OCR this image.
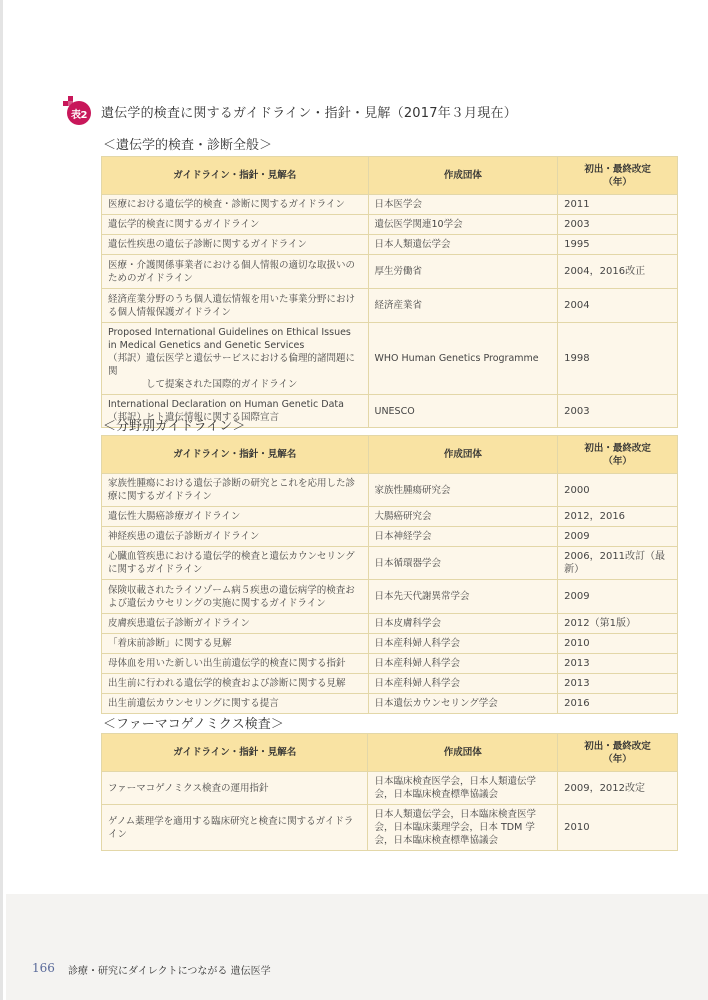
表2	遺伝学的検査に関するガイドライン・指針・見解（2017年３月現在）
＜遺伝学的検査・診断全般＞
ガイドライン・指針・見解名	作成団体	初出・最終改定
（年）
医療における遺伝学的検査・診断に関するガイドライン	日本医学会	2011
遺伝学的検査に関するガイドライン	遺伝医学関連10学会	2003
遺伝性疾患の遺伝子診断に関するガイドライン	日本人類遺伝学会	1995
医療・介護関係事業者における個人情報の適切な取扱いのためのガイドライン	厚生労働省	2004，2016改正
経済産業分野のうち個人遺伝情報を用いた事業分野における個人情報保護ガイドライン	経済産業省	2004
Proposed International Guidelines on Ethical Issues in Medical Genetics and Genetic Services
（邦訳）遺伝医学と遺伝サービスにおける倫理的諸問題に関
して提案された国際的ガイドライン	WHO Human Genetics Programme	1998
International Declaration on Human Genetic Data
（邦訳）ヒト遺伝情報に関する国際宣言	UNESCO	2003
＜分野別ガイドライン＞
ガイドライン・指針・見解名	作成団体	初出・最終改定
（年）
家族性腫瘍における遺伝子診断の研究とこれを応用した診療に関するガイドライン	家族性腫瘍研究会	2000
遺伝性大腸癌診療ガイドライン	大腸癌研究会	2012，2016
神経疾患の遺伝子診断ガイドライン	日本神経学会	2009
心臓血管疾患における遺伝学的検査と遺伝カウンセリングに関するガイドライン	日本循環器学会	2006，2011改訂（最新）
保険収載されたライソゾーム病５疾患の遺伝病学的検査および遺伝カウセリングの実施に関するガイドライン	日本先天代謝異常学会	2009
皮膚疾患遺伝子診断ガイドライン	日本皮膚科学会	2012（第1版）
「着床前診断」に関する見解	日本産科婦人科学会	2010
母体血を用いた新しい出生前遺伝学的検査に関する指針	日本産科婦人科学会	2013
出生前に行われる遺伝学的検査および診断に関する見解	日本産科婦人科学会	2013
出生前遺伝カウンセリングに関する提言	日本遺伝カウンセリング学会	2016
＜ファーマコゲノミクス検査＞
ガイドライン・指針・見解名	作成団体	初出・最終改定
（年）
ファーマコゲノミクス検査の運用指針	日本臨床検査医学会，日本人類遺伝学会，日本臨床検査標準協議会	2009，2012改定
ゲノム薬理学を適用する臨床研究と検査に関するガイドライン	日本人類遺伝学会，日本臨床検査医学会，日本臨床薬理学会，日本 TDM 学会，日本臨床検査標準協議会	2010
166 診療・研究にダイレクトにつながる 遺伝医学
